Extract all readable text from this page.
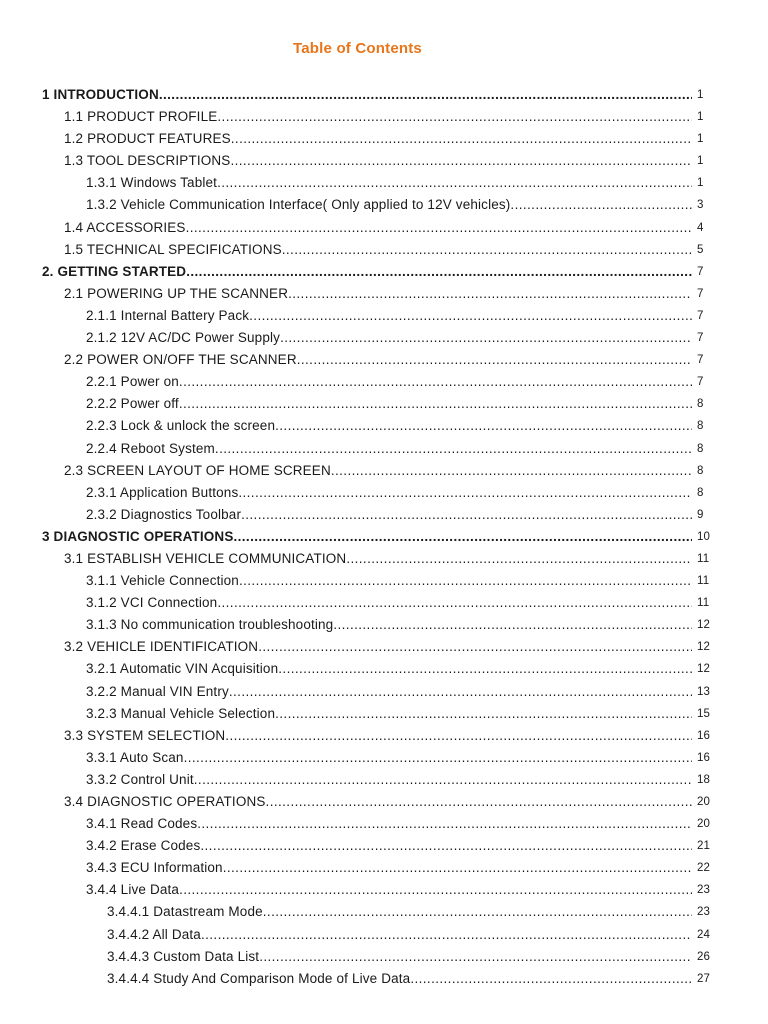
Table of Contents
1 INTRODUCTION .....	1
1.1 PRODUCT PROFILE .....	1
1.2 PRODUCT FEATURES .....	1
1.3 TOOL DESCRIPTIONS .....	1
1.3.1 Windows Tablet .....	1
1.3.2 Vehicle Communication Interface( Only applied to 12V vehicles) .....	3
1.4 ACCESSORIES .....	4
1.5 TECHNICAL SPECIFICATIONS .....	5
2. GETTING STARTED .....	7
2.1 POWERING UP THE SCANNER .....	7
2.1.1 Internal Battery Pack .....	7
2.1.2 12V AC/DC Power Supply .....	7
2.2 POWER ON/OFF THE SCANNER .....	7
2.2.1 Power on .....	7
2.2.2 Power off .....	8
2.2.3 Lock & unlock the screen .....	8
2.2.4 Reboot System .....	8
2.3 SCREEN LAYOUT OF HOME SCREEN .....	8
2.3.1 Application Buttons .....	8
2.3.2 Diagnostics Toolbar .....	9
3 DIAGNOSTIC OPERATIONS .....	10
3.1 ESTABLISH VEHICLE COMMUNICATION .....	11
3.1.1 Vehicle Connection .....	11
3.1.2 VCI Connection .....	11
3.1.3 No communication troubleshooting .....	12
3.2 VEHICLE IDENTIFICATION .....	12
3.2.1 Automatic VIN Acquisition .....	12
3.2.2 Manual VIN Entry .....	13
3.2.3 Manual Vehicle Selection .....	15
3.3 SYSTEM SELECTION .....	16
3.3.1 Auto Scan .....	16
3.3.2 Control Unit .....	18
3.4 DIAGNOSTIC OPERATIONS .....	20
3.4.1 Read Codes .....	20
3.4.2 Erase Codes .....	21
3.4.3 ECU Information .....	22
3.4.4 Live Data .....	23
3.4.4.1 Datastream Mode .....	23
3.4.4.2 All Data .....	24
3.4.4.3 Custom Data List .....	26
3.4.4.4 Study And Comparison Mode of Live Data .....	27
